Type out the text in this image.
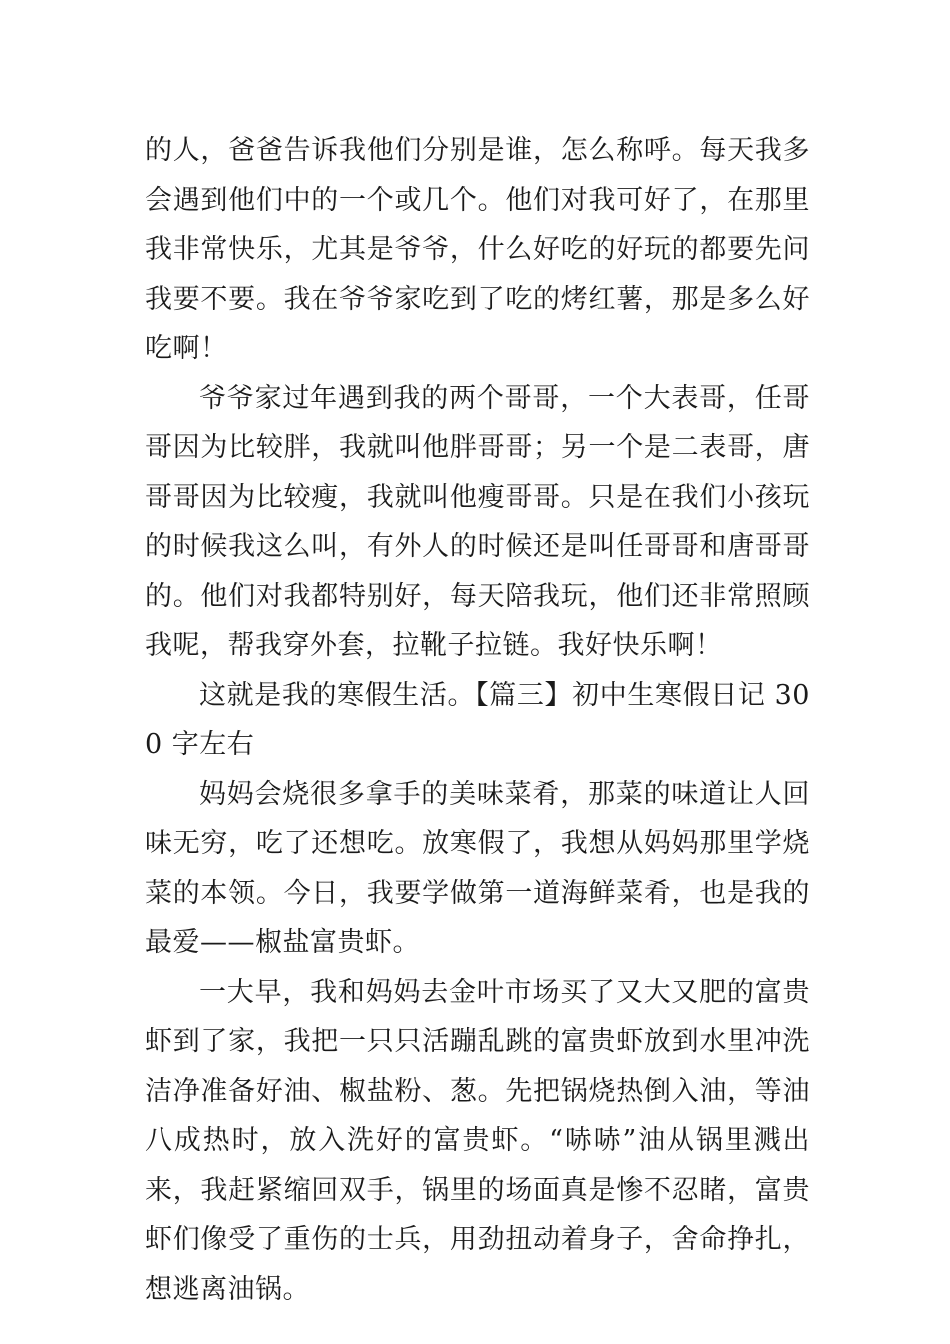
的人，爸爸告诉我他们分别是谁，怎么称呼。每天我多会遇到他们中的一个或几个。他们对我可好了，在那里我非常快乐，尤其是爷爷，什么好吃的好玩的都要先问我要不要。我在爷爷家吃到了吃的烤红薯，那是多么好吃啊！

爷爷家过年遇到我的两个哥哥，一个大表哥，任哥哥因为比较胖，我就叫他胖哥哥；另一个是二表哥，唐哥哥因为比较瘦，我就叫他瘦哥哥。只是在我们小孩玩的时候我这么叫，有外人的时候还是叫任哥哥和唐哥哥的。他们对我都特别好，每天陪我玩，他们还非常照顾我呢，帮我穿外套，拉靴子拉链。我好快乐啊！

这就是我的寒假生活。【篇三】初中生寒假日记 300 字左右

妈妈会烧很多拿手的美味菜肴，那菜的味道让人回味无穷，吃了还想吃。放寒假了，我想从妈妈那里学烧菜的本领。今日，我要学做第一道海鲜菜肴，也是我的最爱——椒盐富贵虾。

一大早，我和妈妈去金叶市场买了又大又肥的富贵虾到了家，我把一只只活蹦乱跳的富贵虾放到水里冲洗洁净准备好油、椒盐粉、葱。先把锅烧热倒入油，等油八成热时，放入洗好的富贵虾。“哧哧”油从锅里溅出来，我赶紧缩回双手，锅里的场面真是惨不忍睹，富贵虾们像受了重伤的士兵，用劲扭动着身子，舍命挣扎，想逃离油锅。
